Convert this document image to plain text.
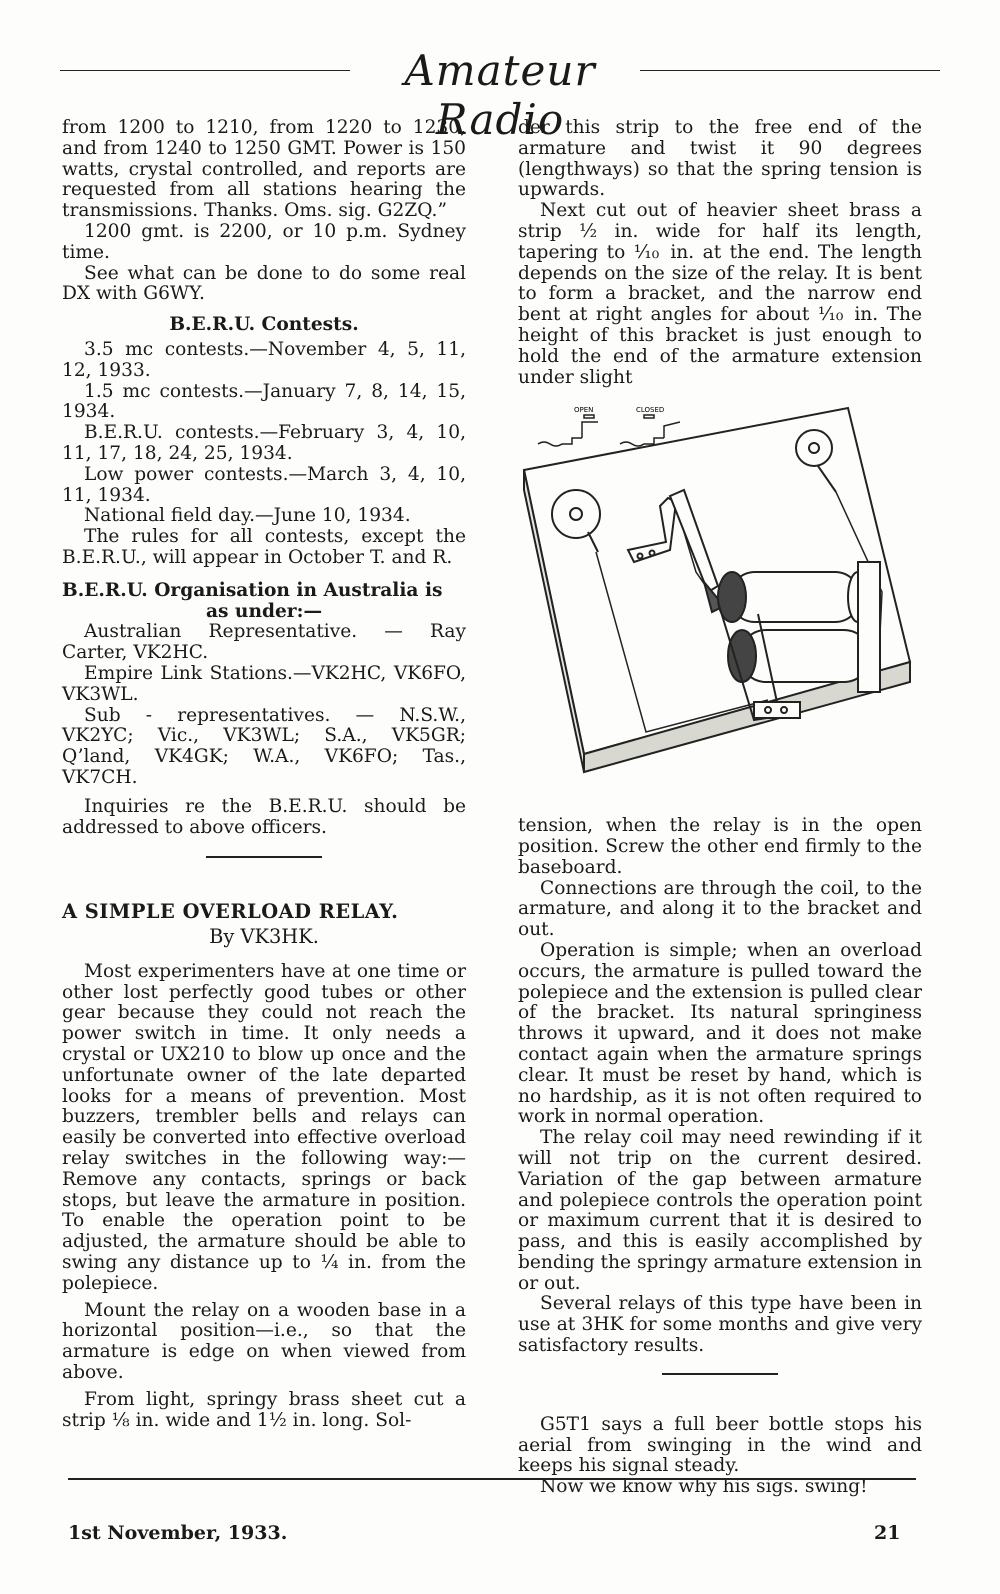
Amateur Radio

from 1200 to 1210, from 1220 to 1230, and from 1240 to 1250 GMT. Power is 150 watts, crystal controlled, and reports are requested from all stations hearing the transmissions. Thanks. Oms. sig. G2ZQ.”

1200 gmt. is 2200, or 10 p.m. Sydney time.

See what can be done to do some real DX with G6WY.

B.E.R.U. Contests.

3.5 mc contests.—November 4, 5, 11, 12, 1933.

1.5 mc contests.—January 7, 8, 14, 15, 1934.

B.E.R.U. contests.—February 3, 4, 10, 11, 17, 18, 24, 25, 1934.

Low power contests.—March 3, 4, 10, 11, 1934.

National field day.—June 10, 1934.

The rules for all contests, except the B.E.R.U., will appear in October T. and R.

B.E.R.U. Organisation in Australia is

as under:—

Australian Representative. — Ray Carter, VK2HC.

Empire Link Stations.—VK2HC, VK6FO, VK3WL.

Sub - representatives. — N.S.W., VK2YC; Vic., VK3WL; S.A., VK5GR; Q’land, VK4GK; W.A., VK6FO; Tas., VK7CH.

Inquiries re the B.E.R.U. should be addressed to above officers.

A SIMPLE OVERLOAD RELAY.

By VK3HK.

Most experimenters have at one time or other lost perfectly good tubes or other gear because they could not reach the power switch in time. It only needs a crystal or UX210 to blow up once and the unfortunate owner of the late departed looks for a means of prevention. Most buzzers, trembler bells and relays can easily be converted into effective overload relay switches in the following way:—Remove any contacts, springs or back stops, but leave the armature in position. To enable the operation point to be adjusted, the armature should be able to swing any distance up to ¼ in. from the polepiece.

Mount the relay on a wooden base in a horizontal position—i.e., so that the armature is edge on when viewed from above.

From light, springy brass sheet cut a strip ⅛ in. wide and 1½ in. long. Sol-

der this strip to the free end of the armature and twist it 90 degrees (lengthways) so that the spring tension is upwards.

Next cut out of heavier sheet brass a strip ½ in. wide for half its length, tapering to ⅒ in. at the end. The length depends on the size of the relay. It is bent to form a bracket, and the narrow end bent at right angles for about ⅒ in. The height of this bracket is just enough to hold the end of the armature extension under slight

OPEN	CLOSED

tension, when the relay is in the open position. Screw the other end firmly to the baseboard.

Connections are through the coil, to the armature, and along it to the bracket and out.

Operation is simple; when an overload occurs, the armature is pulled toward the polepiece and the extension is pulled clear of the bracket. Its natural springiness throws it upward, and it does not make contact again when the armature springs clear. It must be reset by hand, which is no hardship, as it is not often required to work in normal operation.

The relay coil may need rewinding if it will not trip on the current desired. Variation of the gap between armature and polepiece controls the operation point or maximum current that it is desired to pass, and this is easily accomplished by bending the springy armature extension in or out.

Several relays of this type have been in use at 3HK for some months and give very satisfactory results.

G5T1 says a full beer bottle stops his aerial from swinging in the wind and keeps his signal steady.

Now we know why his sigs. swing!

1st November, 1933.	21
